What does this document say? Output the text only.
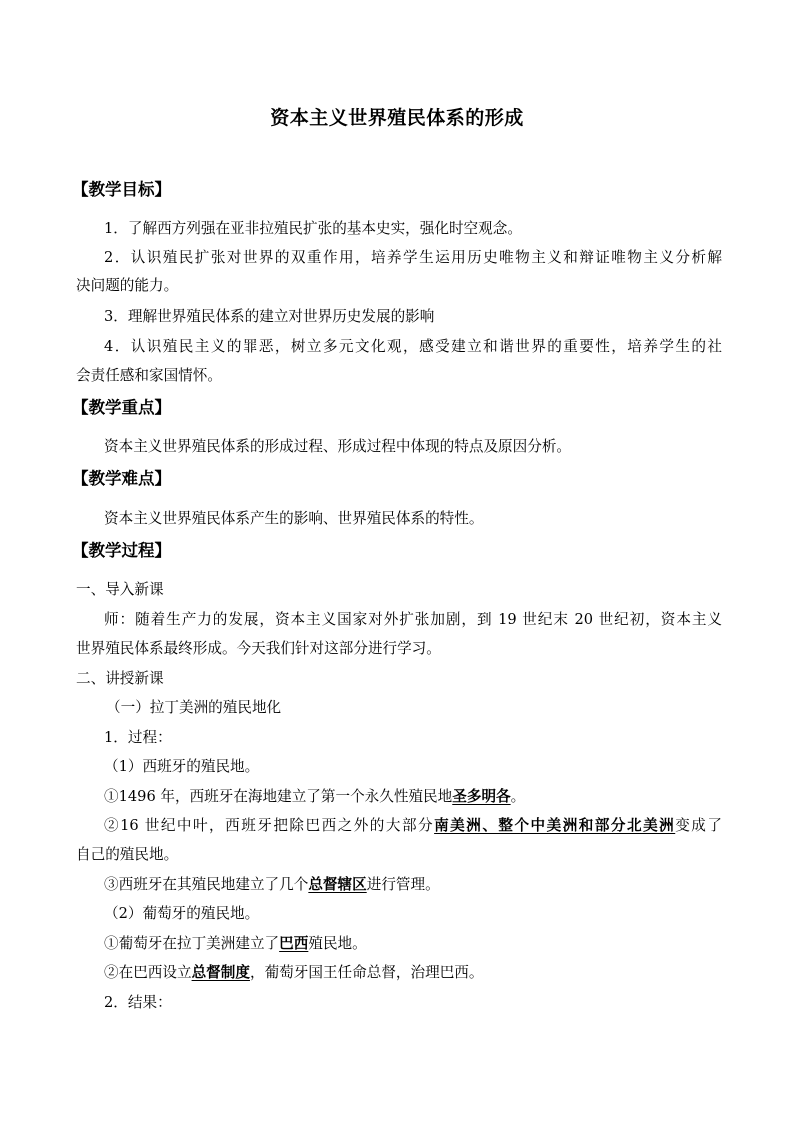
资本主义世界殖民体系的形成
【教学目标】
1．了解西方列强在亚非拉殖民扩张的基本史实，强化时空观念。
2．认识殖民扩张对世界的双重作用，培养学生运用历史唯物主义和辩证唯物主义分析解
决问题的能力。
3．理解世界殖民体系的建立对世界历史发展的影响
4．认识殖民主义的罪恶，树立多元文化观，感受建立和谐世界的重要性，培养学生的社
会责任感和家国情怀。
【教学重点】
资本主义世界殖民体系的形成过程、形成过程中体现的特点及原因分析。
【教学难点】
资本主义世界殖民体系产生的影响、世界殖民体系的特性。
【教学过程】
一、导入新课
师：随着生产力的发展，资本主义国家对外扩张加剧，到 19 世纪末 20 世纪初，资本主义
世界殖民体系最终形成。今天我们针对这部分进行学习。
二、讲授新课
（一）拉丁美洲的殖民地化
1．过程：
（1）西班牙的殖民地。
①1496 年，西班牙在海地建立了第一个永久性殖民地圣多明各。
②16 世纪中叶，西班牙把除巴西之外的大部分南美洲、整个中美洲和部分北美洲变成了
自己的殖民地。
③西班牙在其殖民地建立了几个总督辖区进行管理。
（2）葡萄牙的殖民地。
①葡萄牙在拉丁美洲建立了巴西殖民地。
②在巴西设立总督制度，葡萄牙国王任命总督，治理巴西。
2．结果：
